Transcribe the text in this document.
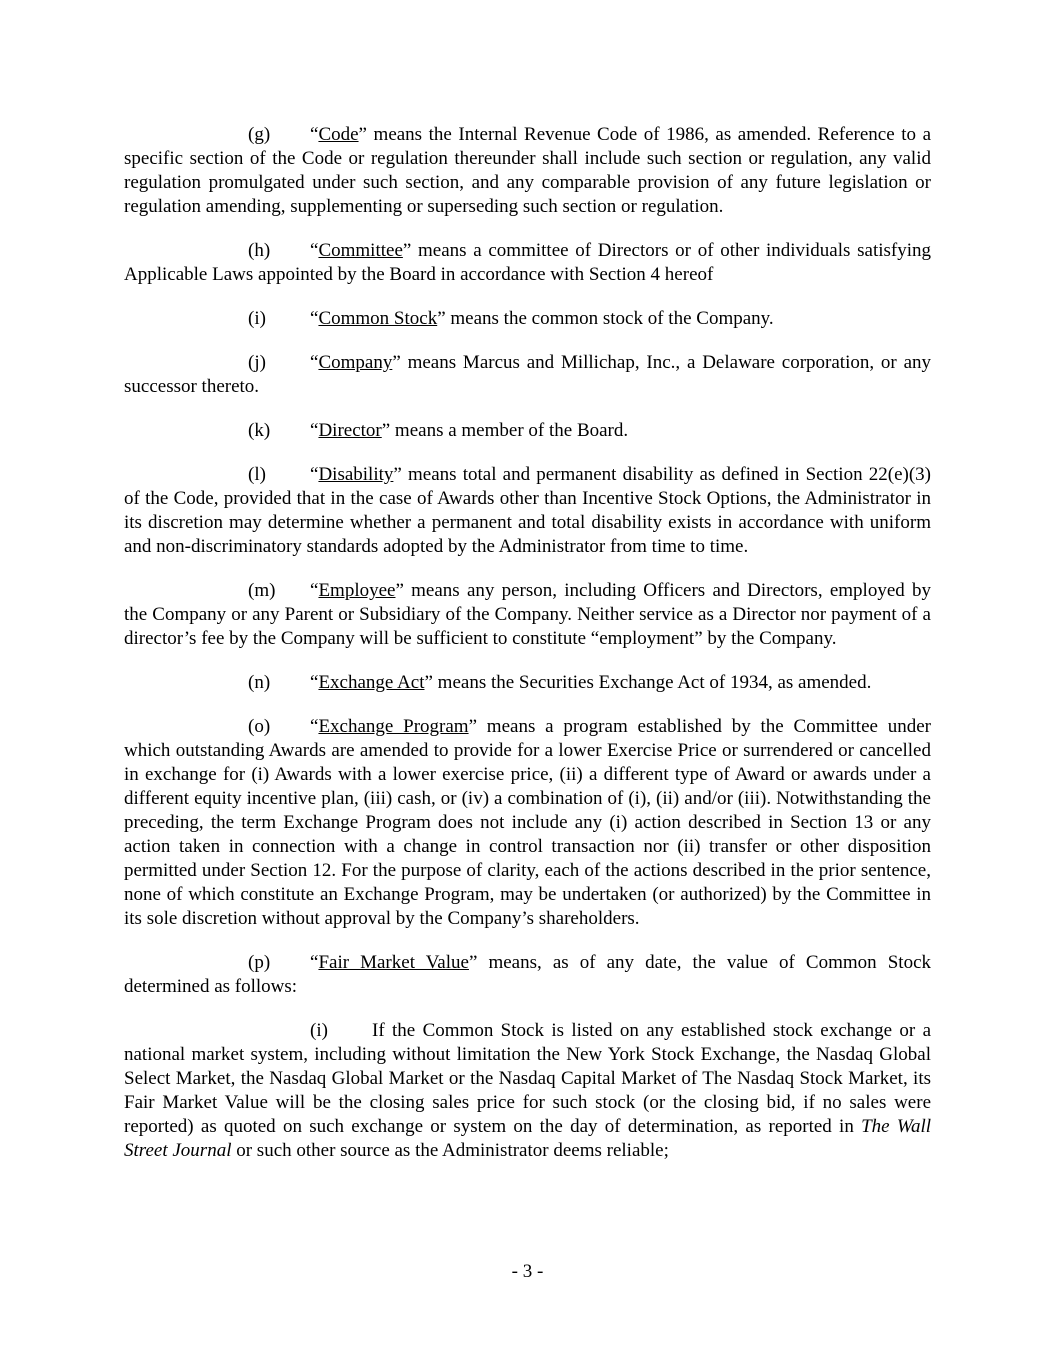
(g) “Code” means the Internal Revenue Code of 1986, as amended. Reference to a specific section of the Code or regulation thereunder shall include such section or regulation, any valid regulation promulgated under such section, and any comparable provision of any future legislation or regulation amending, supplementing or superseding such section or regulation.

(h) “Committee” means a committee of Directors or of other individuals satisfying Applicable Laws appointed by the Board in accordance with Section 4 hereof

(i) “Common Stock” means the common stock of the Company.

(j) “Company” means Marcus and Millichap, Inc., a Delaware corporation, or any successor thereto.

(k) “Director” means a member of the Board.

(l) “Disability” means total and permanent disability as defined in Section 22(e)(3) of the Code, provided that in the case of Awards other than Incentive Stock Options, the Administrator in its discretion may determine whether a permanent and total disability exists in accordance with uniform and non-discriminatory standards adopted by the Administrator from time to time.

(m) “Employee” means any person, including Officers and Directors, employed by the Company or any Parent or Subsidiary of the Company. Neither service as a Director nor payment of a director’s fee by the Company will be sufficient to constitute “employment” by the Company.

(n) “Exchange Act” means the Securities Exchange Act of 1934, as amended.

(o) “Exchange Program” means a program established by the Committee under which outstanding Awards are amended to provide for a lower Exercise Price or surrendered or cancelled in exchange for (i) Awards with a lower exercise price, (ii) a different type of Award or awards under a different equity incentive plan, (iii) cash, or (iv) a combination of (i), (ii) and/or (iii). Notwithstanding the preceding, the term Exchange Program does not include any (i) action described in Section 13 or any action taken in connection with a change in control transaction nor (ii) transfer or other disposition permitted under Section 12. For the purpose of clarity, each of the actions described in the prior sentence, none of which constitute an Exchange Program, may be undertaken (or authorized) by the Committee in its sole discretion without approval by the Company’s shareholders.

(p) “Fair Market Value” means, as of any date, the value of Common Stock determined as follows:

(i) If the Common Stock is listed on any established stock exchange or a national market system, including without limitation the New York Stock Exchange, the Nasdaq Global Select Market, the Nasdaq Global Market or the Nasdaq Capital Market of The Nasdaq Stock Market, its Fair Market Value will be the closing sales price for such stock (or the closing bid, if no sales were reported) as quoted on such exchange or system on the day of determination, as reported in The Wall Street Journal or such other source as the Administrator deems reliable;

- 3 -
